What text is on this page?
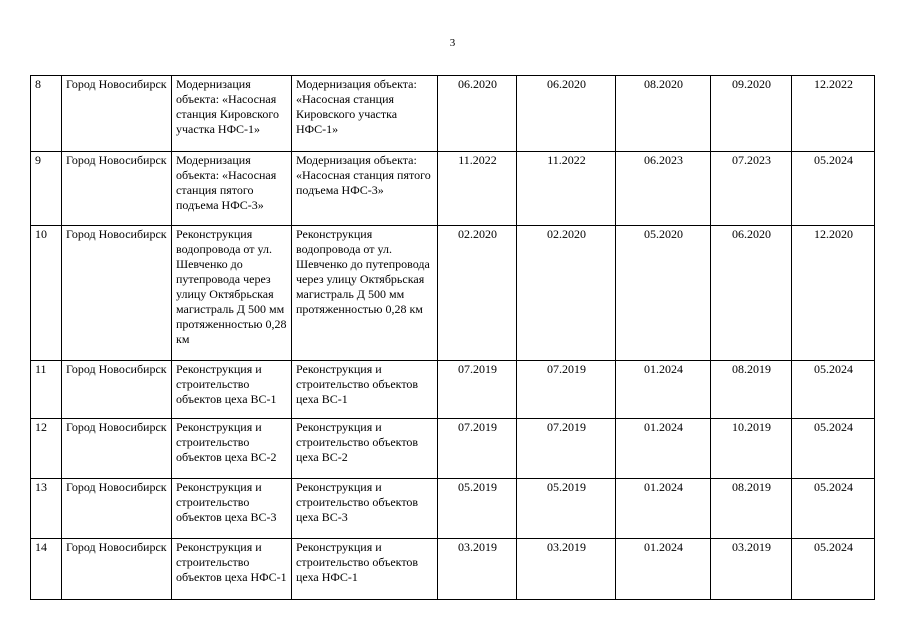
3
8	Город Новосибирск	Модернизация объекта: «Насосная станция Кировского участка НФС-1»	Модернизация объекта: «Насосная станция Кировского участка НФС-1»	06.2020	06.2020	08.2020	09.2020	12.2022
9	Город Новосибирск	Модернизация объекта: «Насосная станция пятого подъема НФС-3»	Модернизация объекта: «Насосная станция пятого подъема НФС-3»	11.2022	11.2022	06.2023	07.2023	05.2024
10	Город Новосибирск	Реконструкция водопровода от ул. Шевченко до путепровода через улицу Октябрьская магистраль Д 500 мм протяженностью 0,28 км	Реконструкция водопровода от ул. Шевченко до путепровода через улицу Октябрьская магистраль Д 500 мм протяженностью 0,28 км	02.2020	02.2020	05.2020	06.2020	12.2020
11	Город Новосибирск	Реконструкция и строительство объектов цеха ВС-1	Реконструкция и строительство объектов цеха ВС-1	07.2019	07.2019	01.2024	08.2019	05.2024
12	Город Новосибирск	Реконструкция и строительство объектов цеха ВС-2	Реконструкция и строительство объектов цеха ВС-2	07.2019	07.2019	01.2024	10.2019	05.2024
13	Город Новосибирск	Реконструкция и строительство объектов цеха ВС-3	Реконструкция и строительство объектов цеха ВС-3	05.2019	05.2019	01.2024	08.2019	05.2024
14	Город Новосибирск	Реконструкция и строительство объектов цеха НФС-1	Реконструкция и строительство объектов цеха НФС-1	03.2019	03.2019	01.2024	03.2019	05.2024
